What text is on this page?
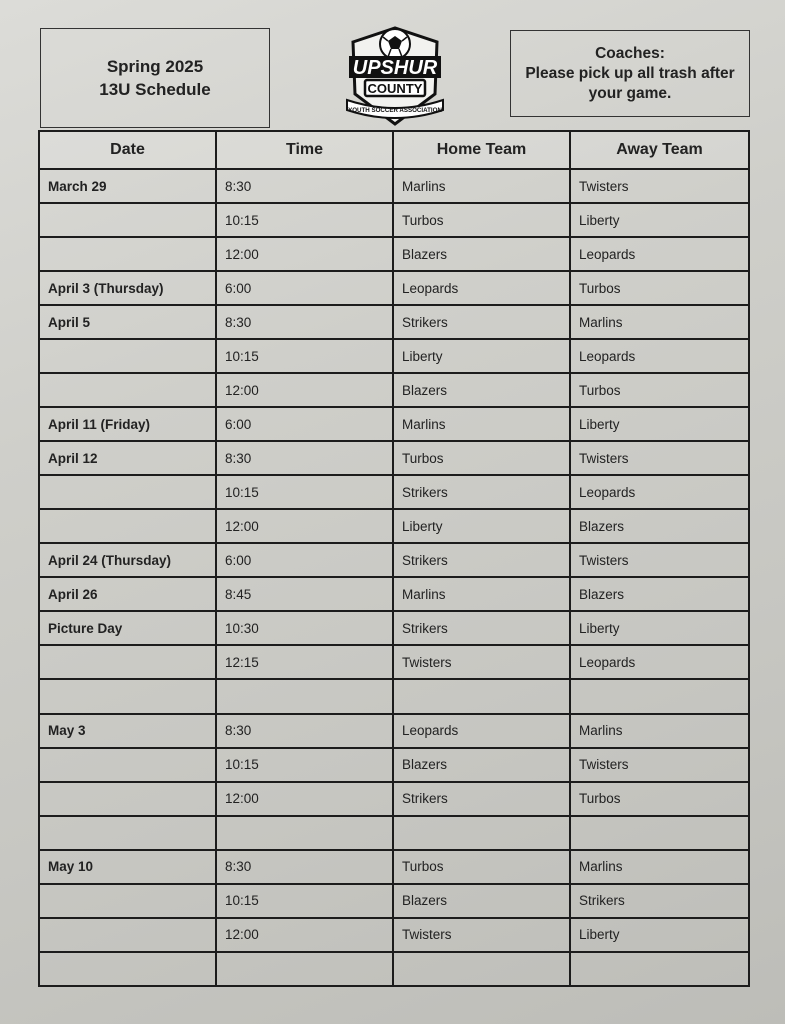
Spring 2025
13U Schedule
UPSHUR
COUNTY
YOUTH SOCCER ASSOCIATION
Coaches:
Please pick up all trash after
your game.
Date	Time	Home Team	Away Team
March 29	8:30	Marlins	Twisters
	10:15	Turbos	Liberty
	12:00	Blazers	Leopards
April 3 (Thursday)	6:00	Leopards	Turbos
April 5	8:30	Strikers	Marlins
	10:15	Liberty	Leopards
	12:00	Blazers	Turbos
April 11 (Friday)	6:00	Marlins	Liberty
April 12	8:30	Turbos	Twisters
	10:15	Strikers	Leopards
	12:00	Liberty	Blazers
April 24 (Thursday)	6:00	Strikers	Twisters
April 26	8:45	Marlins	Blazers
Picture Day	10:30	Strikers	Liberty
	12:15	Twisters	Leopards

May 3	8:30	Leopards	Marlins
	10:15	Blazers	Twisters
	12:00	Strikers	Turbos

May 10	8:30	Turbos	Marlins
	10:15	Blazers	Strikers
	12:00	Twisters	Liberty
